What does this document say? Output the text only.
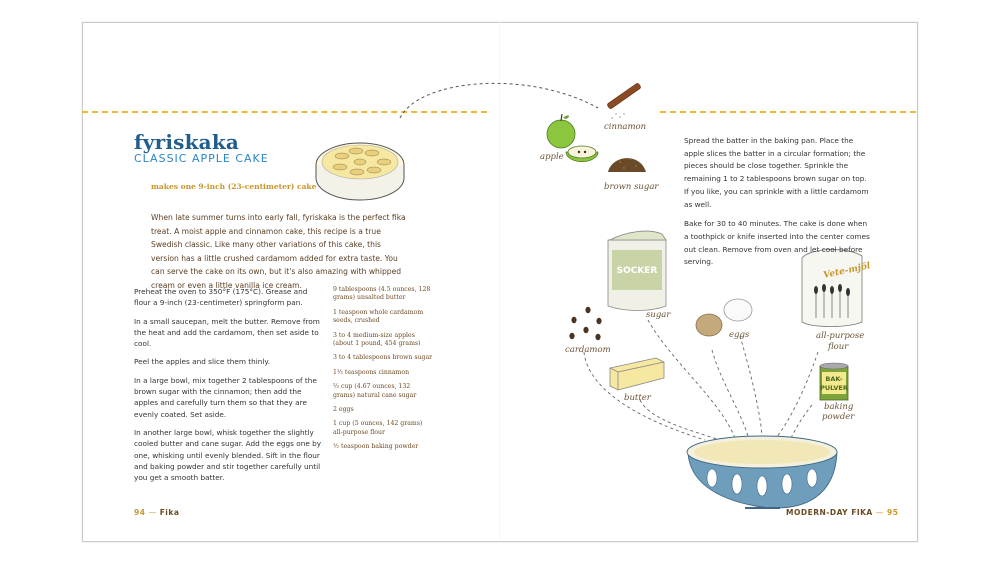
SOCKER	Vete-mjöl
BAK-
PULVER
cinnamon
apple
brown sugar
sugar
eggs	all-purpose
flour
cardamom
butter
baking
powder
fyriskaka
CLASSIC APPLE CAKE
makes one 9-inch (23-centimeter) cake
When late summer turns into early fall, fyriskaka is the perfect fika treat. A moist apple and cinnamon cake, this recipe is a true Swedish classic. Like many other variations of this cake, this version has a little crushed cardamom added for extra taste. You can serve the cake on its own, but it's also amazing with whipped cream or even a little vanilla ice cream.

Preheat the oven to 350°F (175°C). Grease and flour a 9-inch (23-centimeter) springform pan.

In a small saucepan, melt the butter. Remove from the heat and add the cardamom, then set aside to cool.

Peel the apples and slice them thinly.

In a large bowl, mix together 2 tablespoons of the brown sugar with the cinnamon; then add the apples and carefully turn them so that they are evenly coated. Set aside.

In another large bowl, whisk together the slightly cooled butter and cane sugar. Add the eggs one by one, whisking until evenly blended. Sift in the flour and baking powder and stir together carefully until you get a smooth batter.

9 tablespoons (4.5 ounces, 128 grams) unsalted butter
1 teaspoon whole cardamom seeds, crushed
3 to 4 medium-size apples (about 1 pound, 454 grams)
3 to 4 tablespoons brown sugar
1½ teaspoons cinnamon
⅔ cup (4.67 ounces, 132 grams) natural cane sugar
2 eggs
1 cup (5 ounces, 142 grams) all-purpose flour
½ teaspoon baking powder

Spread the batter in the baking pan. Place the apple slices the batter in a circular formation; the pieces should be close together. Sprinkle the remaining 1 to 2 tablespoons brown sugar on top. If you like, you can sprinkle with a little cardamom as well.

Bake for 30 to 40 minutes. The cake is done when a toothpick or knife inserted into the center comes out clean. Remove from oven and let cool before serving.

94 — Fika	MODERN-DAY FIKA — 95
